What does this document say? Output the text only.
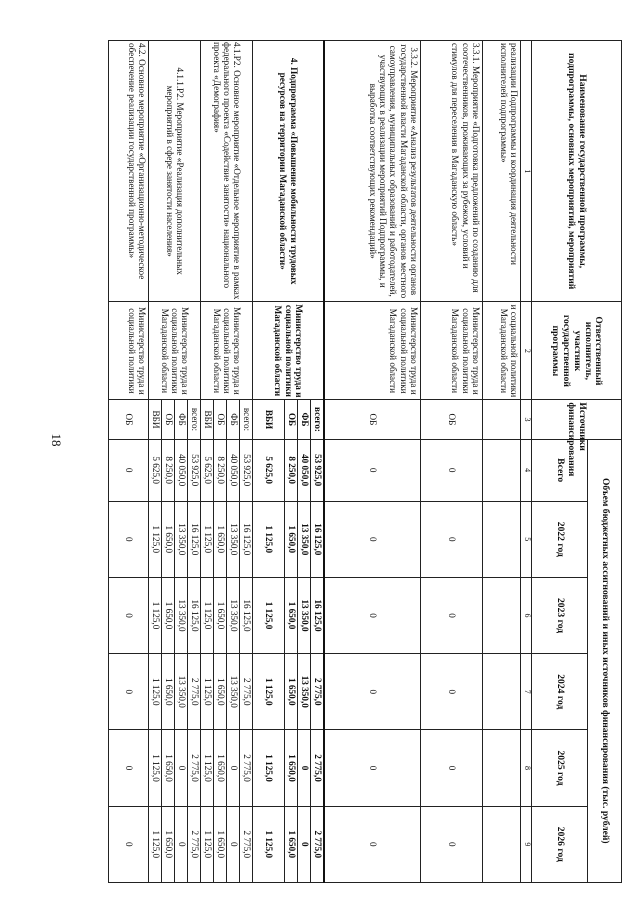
18
Наименование государственной программы, подпрограммы, основных мероприятий, мероприятий	Ответственный исполнитель, участник государственной программы	Источники финансирования	Объем бюджетных ассигнований и иных источников финансирования (тыс. рублей)					
			Всего	2022 год	2023 год	2024 год	2025 год	2026 год
1	2	3	4	5	6	7	8	9
реализации Подпрограммы и координация деятельности исполнителей подпрограммы»	и социальной политики Магаданской области							
3.3.1. Мероприятие «Подготовка предложений по созданию для соотечественников, проживающих за рубежом, условий и стимулов для переселения в Магаданскую область»	Министерство труда и социальной политики Магаданской области	ОБ	0	0	0	0	0	0
3.3.2. Мероприятие «Анализ результатов деятельности органов государственной власти Магаданской области, органов местного самоуправления, муниципальных образований и работодателей, участвующих в реализации мероприятий Подпрограммы, и выработка соответствующих рекомендаций»	Министерство труда и социальной политики Магаданской области	ОБ	0	0	0	0	0	0
4. Подпрограмма «Повышение мобильности трудовых ресурсов на территории Магаданской области»	Министерство труда и социальной политики Магаданской области	всего:	53 925,0	16 125,0	16 125,0	2 775,0	2 775,0	2 775,0
		ФБ	40 050,0	13 350,0	13 350,0	13 350,0	0	0
		ОБ	8 250,0	1 650,0	1 650,0	1 650,0	1 650,0	1 650,0
		ВБИ	5 625,0	1 125,0	1 125,0	1 125,0	1 125,0	1 125,0
4.1.Р2. Основное мероприятие «Отдельное мероприятие в рамках федерального проекта «Содействие занятости» национального проекта «Демография»	Министерство труда и социальной политики Магаданской области	всего:	53 925,0	16 125,0	16 125,0	2 775,0	2 775,0	2 775,0
		ФБ	40 050,0	13 350,0	13 350,0	13 350,0	0	0
		ОБ	8 250,0	1 650,0	1 650,0	1 650,0	1 650,0	1 650,0
		ВБИ	5 625,0	1 125,0	1 125,0	1 125,0	1 125,0	1 125,0
4.1.1.Р2. Мероприятие «Реализация дополнительных мероприятий в сфере занятости населения»	Министерство труда и социальной политики Магаданской области	всего:	53 925,0	16 125,0	16 125,0	2 775,0	2 775,0	2 775,0
		ФБ	40 050,0	13 350,0	13 350,0	13 350,0	0	0
		ОБ	8 250,0	1 650,0	1 650,0	1 650,0	1 650,0	1 650,0
		ВБИ	5 625,0	1 125,0	1 125,0	1 125,0	1 125,0	1 125,0
4.2. Основное мероприятие «Организационно-методическое обеспечение реализации государственной программы»	Министерство труда и социальной политики	ОБ	0	0	0	0	0	0
